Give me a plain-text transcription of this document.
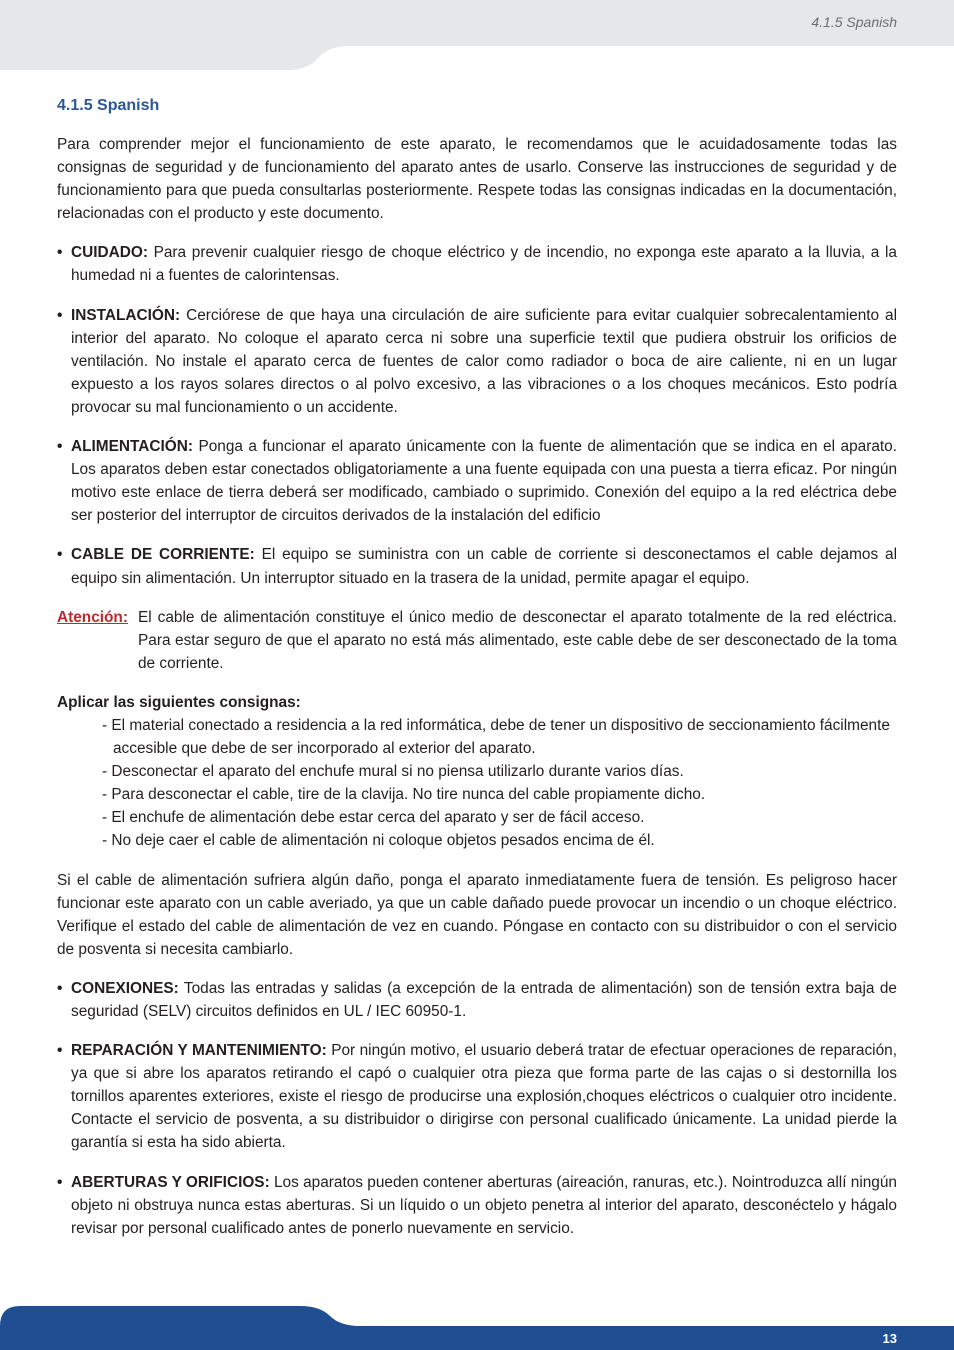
4.1.5 Spanish
13
4.1.5 Spanish

Para comprender mejor el funcionamiento de este aparato, le recomendamos que le acuidadosamente todas las consignas de seguridad y de funcionamiento del aparato antes de usarlo. Conserve las instrucciones de seguridad y de funcionamiento para que pueda consultarlas posteriormente. Respete todas las consignas indicadas en la documentación, relacionadas con el producto y este documento.

• CUIDADO: Para prevenir cualquier riesgo de choque eléctrico y de incendio, no exponga este aparato a la lluvia, a la humedad ni a fuentes de calorintensas.
• INSTALACIÓN: Cerciórese de que haya una circulación de aire suficiente para evitar cualquier sobrecalentamiento al interior del aparato. No coloque el aparato cerca ni sobre una superficie textil que pudiera obstruir los orificios de ventilación. No instale el aparato cerca de fuentes de calor como radiador o boca de aire caliente, ni en un lugar expuesto a los rayos solares directos o al polvo excesivo, a las vibraciones o a los choques mecánicos. Esto podría provocar su mal funcionamiento o un accidente.
• ALIMENTACIÓN: Ponga a funcionar el aparato únicamente con la fuente de alimentación que se indica en el aparato. Los aparatos deben estar conectados obligatoriamente a una fuente equipada con una puesta a tierra eficaz. Por ningún motivo este enlace de tierra deberá ser modificado, cambiado o suprimido. Conexión del equipo a la red eléctrica debe ser posterior del interruptor de circuitos derivados de la instalación del edificio
• CABLE DE CORRIENTE: El equipo se suministra con un cable de corriente si desconectamos el cable dejamos al equipo sin alimentación. Un interruptor situado en la trasera de la unidad, permite apagar el equipo.
Atención: El cable de alimentación constituye el único medio de desconectar el aparato totalmente de la red eléctrica. Para estar seguro de que el aparato no está más alimentado, este cable debe de ser desconectado de la toma de corriente.
Aplicar las siguientes consignas:
- El material conectado a residencia a la red informática, debe de tener un dispositivo de seccionamiento fácilmente accesible que debe de ser incorporado al exterior del aparato.
- Desconectar el aparato del enchufe mural si no piensa utilizarlo durante varios días.
- Para desconectar el cable, tire de la clavija. No tire nunca del cable propiamente dicho.
- El enchufe de alimentación debe estar cerca del aparato y ser de fácil acceso.
- No deje caer el cable de alimentación ni coloque objetos pesados encima de él.

Si el cable de alimentación sufriera algún daño, ponga el aparato inmediatamente fuera de tensión. Es peligroso hacer funcionar este aparato con un cable averiado, ya que un cable dañado puede provocar un incendio o un choque eléctrico. Verifique el estado del cable de alimentación de vez en cuando. Póngase en contacto con su distribuidor o con el servicio de posventa si necesita cambiarlo.

• CONEXIONES: Todas las entradas y salidas (a excepción de la entrada de alimentación) son de tensión extra baja de seguridad (SELV) circuitos definidos en UL / IEC 60950-1.
• REPARACIÓN Y MANTENIMIENTO: Por ningún motivo, el usuario deberá tratar de efectuar operaciones de reparación, ya que si abre los aparatos retirando el capó o cualquier otra pieza que forma parte de las cajas o si destornilla los tornillos aparentes exteriores, existe el riesgo de producirse una explosión,choques eléctricos o cualquier otro incidente. Contacte el servicio de posventa, a su distribuidor o dirigirse con personal cualificado únicamente. La unidad pierde la garantía si esta ha sido abierta.
• ABERTURAS Y ORIFICIOS: Los aparatos pueden contener aberturas (aireación, ranuras, etc.). Nointroduzca allí ningún objeto ni obstruya nunca estas aberturas. Si un líquido o un objeto penetra al interior del aparato, desconéctelo y hágalo revisar por personal cualificado antes de ponerlo nuevamente en servicio.
